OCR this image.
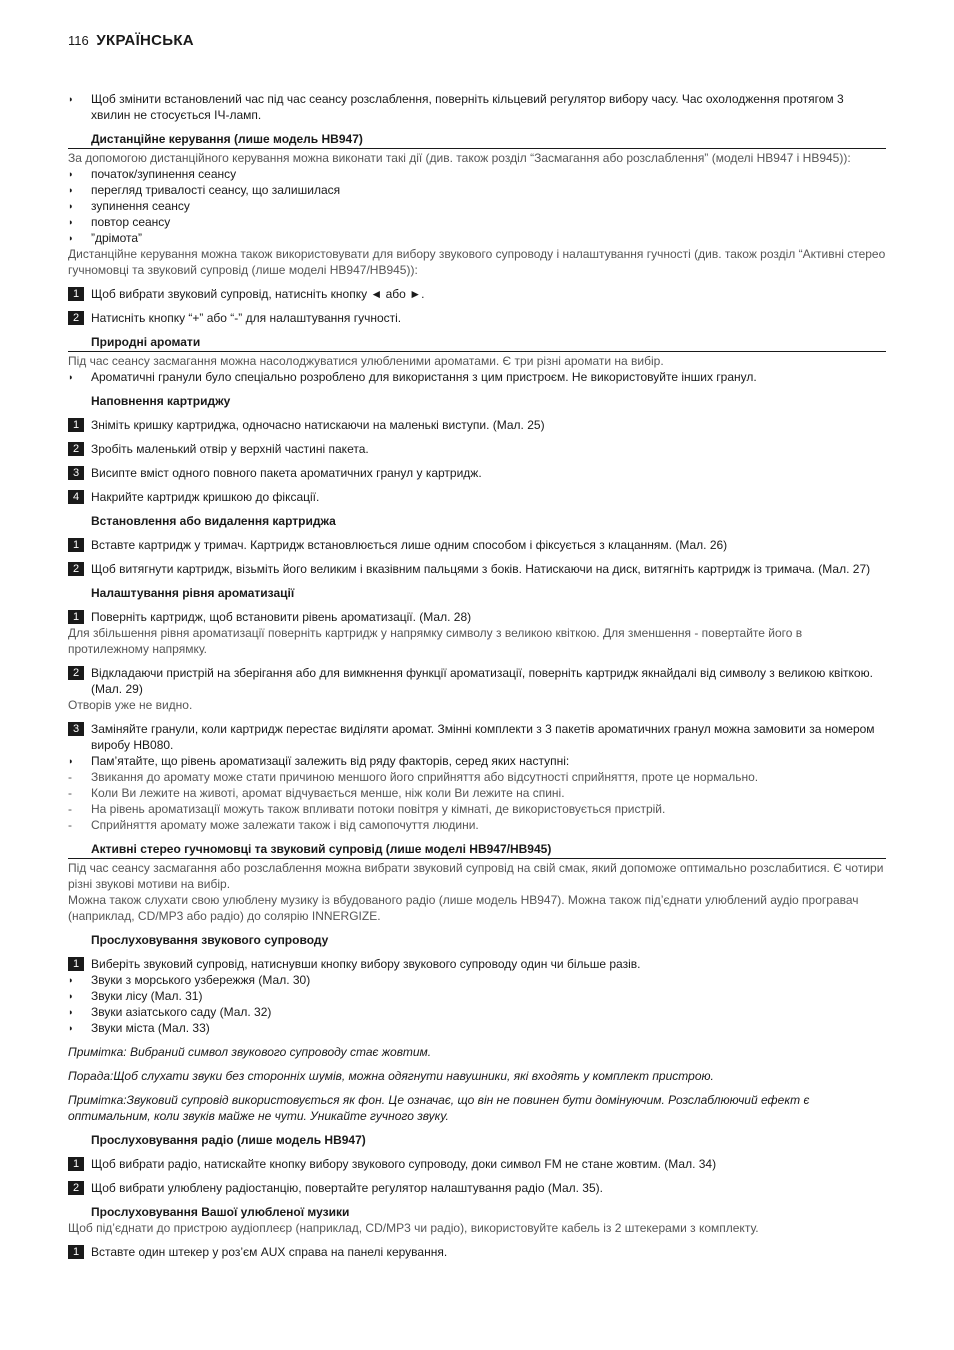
116 УКРАЇНСЬКА
◗ Щоб змінити встановлений час під час сеансу розслаблення, поверніть кільцевий регулятор вибору часу. Час охолодження протягом 3 хвилин не стосується ІЧ-ламп.
Дистанційне керування (лише модель HB947)
За допомогою дистанційного керування можна виконати такі дії (див. також розділ “Засмагання або розслаблення” (моделі HB947 і HB945)):
◗ початок/зупинення сеансу
◗ перегляд тривалості сеансу, що залишилася
◗ зупинення сеансу
◗ повтор сеансу
◗ ”дрімота”
Дистанційне керування можна також використовувати для вибору звукового супроводу і налаштування гучності (див. також розділ “Активні стерео гучномовці та звуковий супровід (лише моделі HB947/HB945)):
1 Щоб вибрати звуковий супровід, натисніть кнопку ◄ або ►.
2 Натисніть кнопку “+” або “-” для налаштування гучності.
Природні аромати
Під час сеансу засмагання можна насолоджуватися улюбленими ароматами. Є три різні аромати на вибір.
◗ Ароматичні гранули було спеціально розроблено для використання з цим пристроєм. Не використовуйте інших гранул.
Наповнення картриджу
1 Зніміть кришку картриджа, одночасно натискаючи на маленькі виступи. (Мал. 25)
2 Зробіть маленький отвір у верхній частині пакета.
3 Висипте вміст одного повного пакета ароматичних гранул у картридж.
4 Накрийте картридж кришкою до фіксації.
Встановлення або видалення картриджа
1 Вставте картридж у тримач. Картридж встановлюється лише одним способом і фіксується з клацанням. (Мал. 26)
2 Щоб витягнути картридж, візьміть його великим і вказівним пальцями з боків. Натискаючи на диск, витягніть картридж із тримача. (Мал. 27)
Налаштування рівня ароматизації
1 Поверніть картридж, щоб встановити рівень ароматизації. (Мал. 28)
Для збільшення рівня ароматизації поверніть картридж у напрямку символу з великою квіткою. Для зменшення - повертайте його в протилежному напрямку.
2 Відкладаючи пристрій на зберігання або для вимкнення функції ароматизації, поверніть картридж якнайдалі від символу з великою квіткою. (Мал. 29)
Отворів уже не видно.
3 Заміняйте гранули, коли картридж перестає виділяти аромат. Змінні комплекти з 3 пакетів ароматичних гранул можна замовити за номером виробу HB080.
◗ Пам’ятайте, що рівень ароматизації залежить від ряду факторів, серед яких наступні:
- Звикання до аромату може стати причиною меншого його сприйняття або відсутності сприйняття, проте це нормально.
- Коли Ви лежите на животі, аромат відчувається менше, ніж коли Ви лежите на спині.
- На рівень ароматизації можуть також впливати потоки повітря у кімнаті, де використовується пристрій.
- Сприйняття аромату може залежати також і від самопочуття людини.
Активні стерео гучномовці та звуковий супровід (лише моделі HB947/HB945)
Під час сеансу засмагання або розслаблення можна вибрати звуковий супровід на свій смак, який допоможе оптимально розслабитися. Є чотири різні звукові мотиви на вибір.
Можна також слухати свою улюблену музику із вбудованого радіо (лише модель HB947). Можна також під’єднати улюблений аудіо програвач (наприклад, CD/MP3 або радіо) до солярію INNERGIZE.
Прослуховування звукового супроводу
1 Виберіть звуковий супровід, натиснувши кнопку вибору звукового супроводу один чи більше разів.
◗ Звуки з морського узбережжя (Мал. 30)
◗ Звуки лісу (Мал. 31)
◗ Звуки азіатського саду (Мал. 32)
◗ Звуки міста (Мал. 33)
Примітка: Вибраний символ звукового супроводу стає жовтим.
Порада:Щоб слухати звуки без сторонніх шумів, можна одягнути навушники, які входять у комплект пристрою.
Примітка:Звуковий супровід використовується як фон. Це означає, що він не повинен бути домінуючим. Розслаблюючий ефект є оптимальним, коли звуків майже не чути. Уникайте гучного звуку.
Прослуховування радіо (лише модель HB947)
1 Щоб вибрати радіо, натискайте кнопку вибору звукового супроводу, доки символ FM не стане жовтим. (Мал. 34)
2 Щоб вибрати улюблену радіостанцію, повертайте регулятор налаштування радіо (Мал. 35).
Прослуховування Вашої улюбленої музики
Щоб під’єднати до пристрою аудіоплеєр (наприклад, CD/MP3 чи радіо), використовуйте кабель із 2 штекерами з комплекту.
1 Вставте один штекер у роз’єм AUX справа на панелі керування.
